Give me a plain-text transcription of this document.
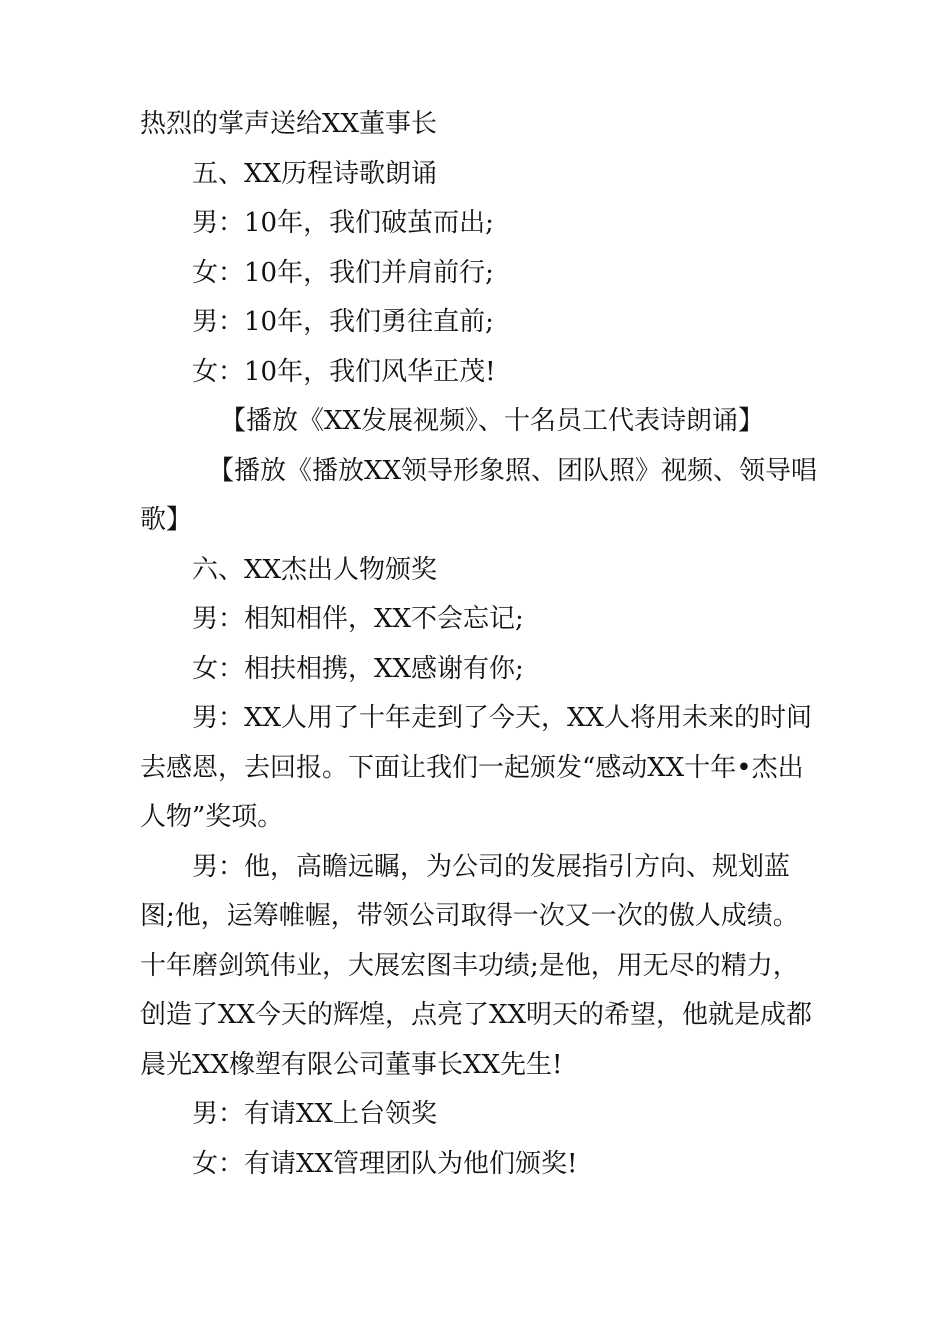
热烈的掌声送给XX董事长

五、XX历程诗歌朗诵

男：10年，我们破茧而出;

女：10年，我们并肩前行;

男：10年，我们勇往直前;

女：10年，我们风华正茂!

【播放《XX发展视频》、十名员工代表诗朗诵】

【播放《播放XX领导形象照、团队照》视频、领导唱歌】

六、XX杰出人物颁奖

男：相知相伴，XX不会忘记;

女：相扶相携，XX感谢有你;

男：XX人用了十年走到了今天，XX人将用未来的时间去感恩，去回报。下面让我们一起颁发“感动XX十年•杰出人物”奖项。

男：他，高瞻远瞩，为公司的发展指引方向、规划蓝图;他，运筹帷幄，带领公司取得一次又一次的傲人成绩。十年磨剑筑伟业，大展宏图丰功绩;是他，用无尽的精力，创造了XX今天的辉煌，点亮了XX明天的希望，他就是成都晨光XX橡塑有限公司董事长XX先生!

男：有请XX上台领奖

女：有请XX管理团队为他们颁奖!
